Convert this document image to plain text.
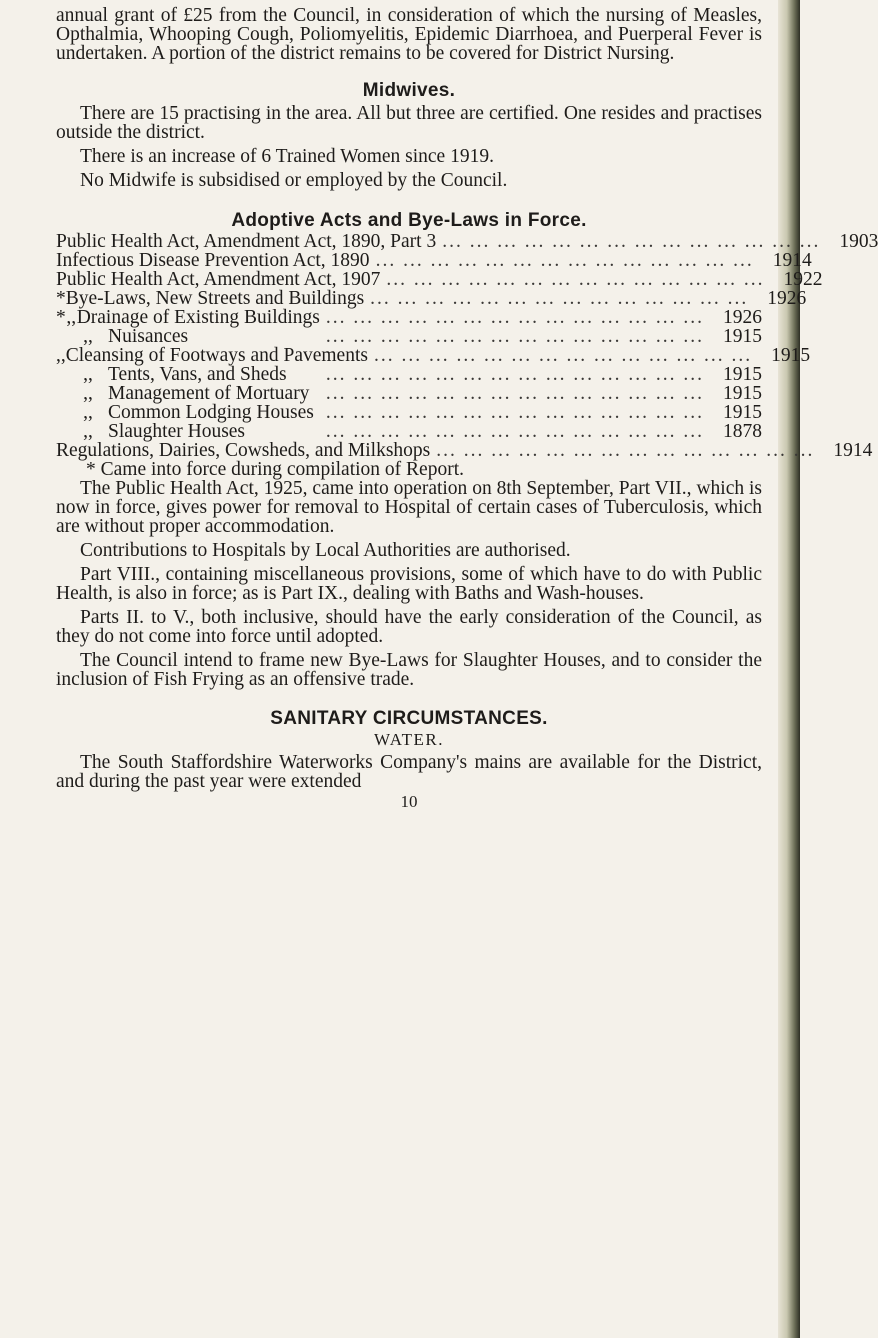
annual grant of £25 from the Council, in consideration of which the nursing of Measles, Opthalmia, Whooping Cough, Poliomyelitis, Epidemic Diarrhoea, and Puerperal Fever is undertaken. A portion of the district remains to be covered for District Nursing.

Midwives.

There are 15 practising in the area. All but three are certified. One resides and practises outside the district.

There is an increase of 6 Trained Women since 1919.

No Midwife is subsidised or employed by the Council.

Adoptive Acts and Bye-Laws in Force.
Public Health Act, Amendment Act, 1890, Part 3 ... ... ... ... ... ... ... ... ... ... ... ... ... ... 1903
Infectious Disease Prevention Act, 1890 ... ... ... ... ... ... ... ... ... ... ... ... ... ... 1914
Public Health Act, Amendment Act, 1907 ... ... ... ... ... ... ... ... ... ... ... ... ... ... 1922
* Bye-Laws, New Streets and Buildings ... ... ... ... ... ... ... ... ... ... ... ... ... ... 1926
* ,, Drainage of Existing Buildings ... ... ... ... ... ... ... ... ... ... ... ... ... ... 1926
,, Nuisances	... ... ... ... ... ... ... ... ... ... ... ... ... ... 1915
,, Cleansing of Footways and Pavements ... ... ... ... ... ... ... ... ... ... ... ... ... ... 1915
,, Tents, Vans, and Sheds	... ... ... ... ... ... ... ... ... ... ... ... ... ... 1915
,, Management of Mortuary ... ... ... ... ... ... ... ... ... ... ... ... ... ... 1915
,, Common Lodging Houses ... ... ... ... ... ... ... ... ... ... ... ... ... ... 1915
,, Slaughter Houses	... ... ... ... ... ... ... ... ... ... ... ... ... ... 1878
Regulations, Dairies, Cowsheds, and Milkshops ... ... ... ... ... ... ... ... ... ... ... ... ... ... 1914

* Came into force during compilation of Report.

The Public Health Act, 1925, came into operation on 8th September, Part VII., which is now in force, gives power for removal to Hospital of certain cases of Tuberculosis, which are without proper accommodation.

Contributions to Hospitals by Local Authorities are authorised.

Part VIII., containing miscellaneous provisions, some of which have to do with Public Health, is also in force; as is Part IX., dealing with Baths and Wash-houses.

Parts II. to V., both inclusive, should have the early consideration of the Council, as they do not come into force until adopted.

The Council intend to frame new Bye-Laws for Slaughter Houses, and to consider the inclusion of Fish Frying as an offensive trade.

SANITARY CIRCUMSTANCES.
WATER.

The South Staffordshire Waterworks Company's mains are available for the District, and during the past year were extended

10
